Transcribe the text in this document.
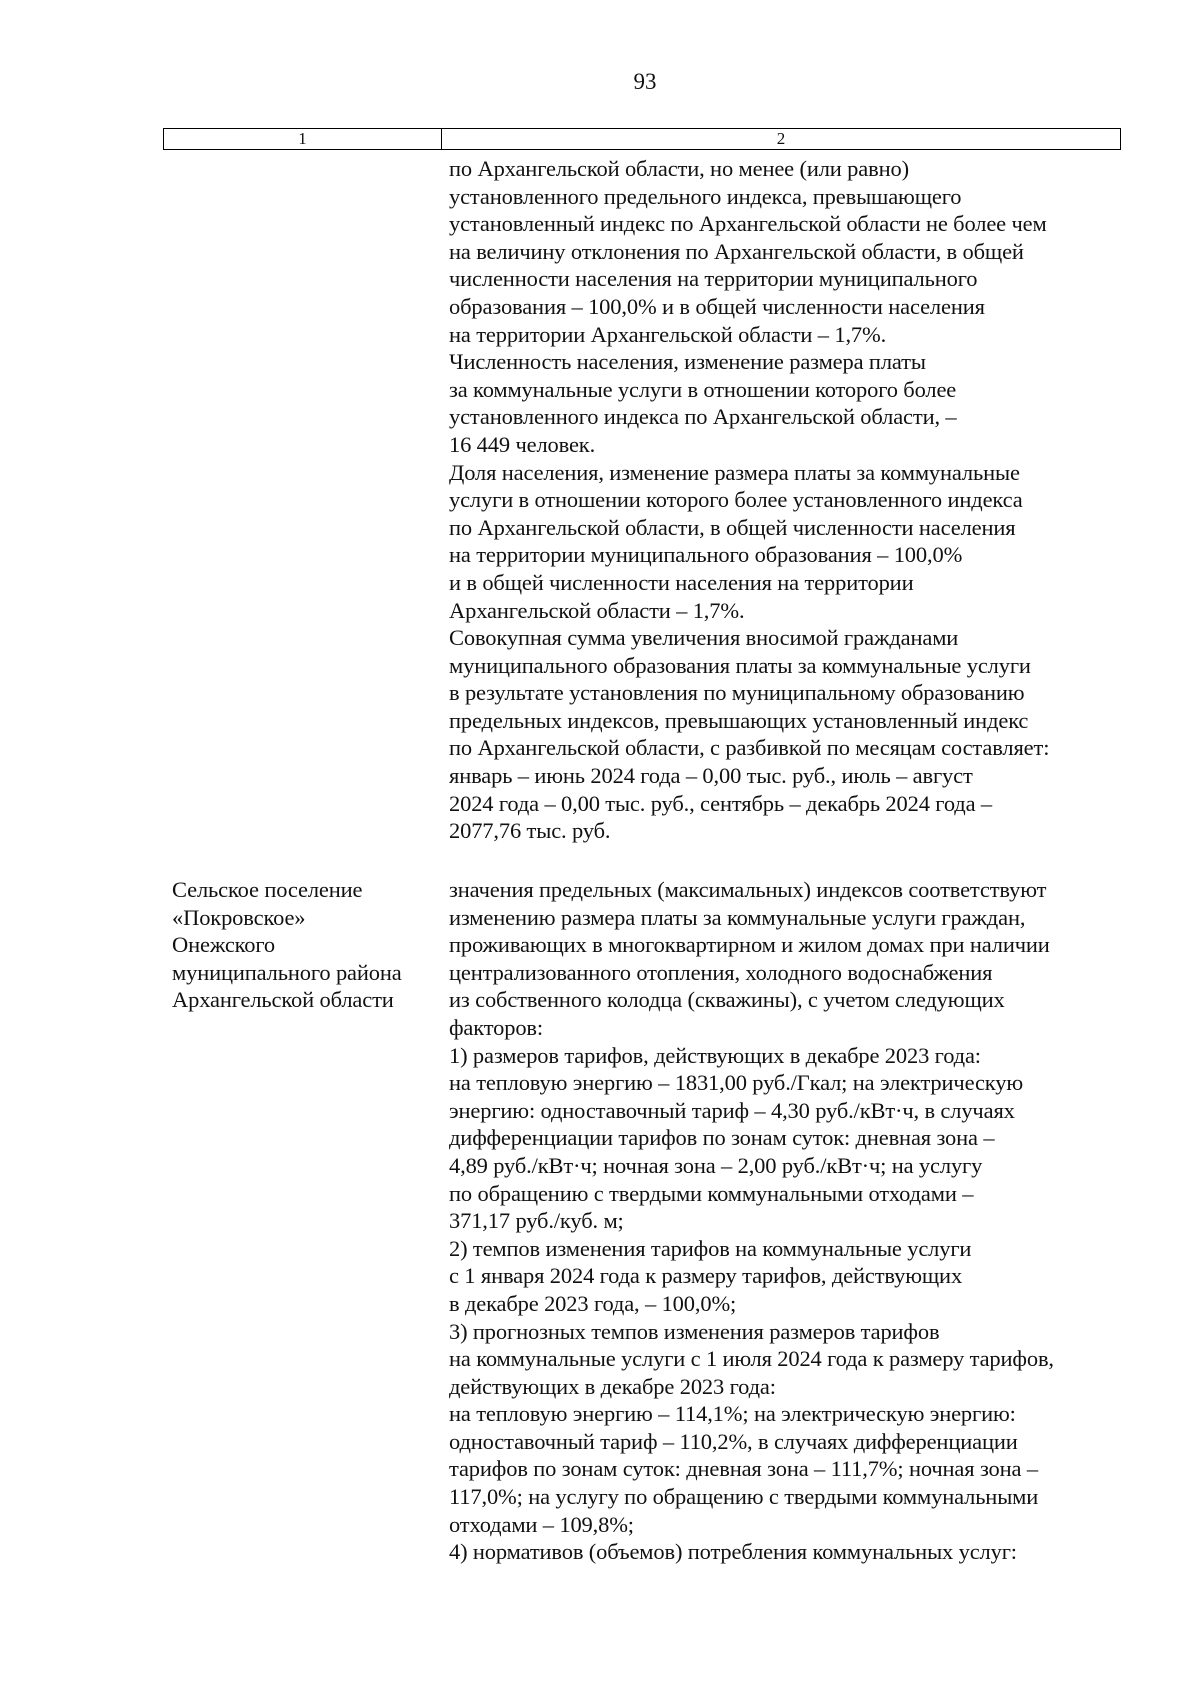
93
1	2
по Архангельской области, но менее (или равно)
установленного предельного индекса, превышающего
установленный индекс по Архангельской области не более чем
на величину отклонения по Архангельской области, в общей
численности населения на территории муниципального
образования – 100,0% и в общей численности населения
на территории Архангельской области – 1,7%.
Численность населения, изменение размера платы
за коммунальные услуги в отношении которого более
установленного индекса по Архангельской области, –
16 449 человек.
Доля населения, изменение размера платы за коммунальные
услуги в отношении которого более установленного индекса
по Архангельской области, в общей численности населения
на территории муниципального образования – 100,0%
и в общей численности населения на территории
Архангельской области – 1,7%.
Совокупная сумма увеличения вносимой гражданами
муниципального образования платы за коммунальные услуги
в результате установления по муниципальному образованию
предельных индексов, превышающих установленный индекс
по Архангельской области, с разбивкой по месяцам составляет:
январь – июнь 2024 года – 0,00 тыс. руб., июль – август
2024 года – 0,00 тыс. руб., сентябрь – декабрь 2024 года –
2077,76 тыс. руб.
Сельское поселение
«Покровское»
Онежского
муниципального района
Архангельской области
значения предельных (максимальных) индексов соответствуют
изменению размера платы за коммунальные услуги граждан,
проживающих в многоквартирном и жилом домах при наличии
централизованного отопления, холодного водоснабжения
из собственного колодца (скважины), с учетом следующих
факторов:
1) размеров тарифов, действующих в декабре 2023 года:
на тепловую энергию – 1831,00 руб./Гкал; на электрическую
энергию: одноставочный тариф – 4,30 руб./кВт·ч, в случаях
дифференциации тарифов по зонам суток: дневная зона –
4,89 руб./кВт·ч; ночная зона – 2,00 руб./кВт·ч; на услугу
по обращению с твердыми коммунальными отходами –
371,17 руб./куб. м;
2) темпов изменения тарифов на коммунальные услуги
с 1 января 2024 года к размеру тарифов, действующих
в декабре 2023 года, – 100,0%;
3) прогнозных темпов изменения размеров тарифов
на коммунальные услуги с 1 июля 2024 года к размеру тарифов,
действующих в декабре 2023 года:
на тепловую энергию – 114,1%; на электрическую энергию:
одноставочный тариф – 110,2%, в случаях дифференциации
тарифов по зонам суток: дневная зона – 111,7%; ночная зона –
117,0%; на услугу по обращению с твердыми коммунальными
отходами – 109,8%;
4) нормативов (объемов) потребления коммунальных услуг:
